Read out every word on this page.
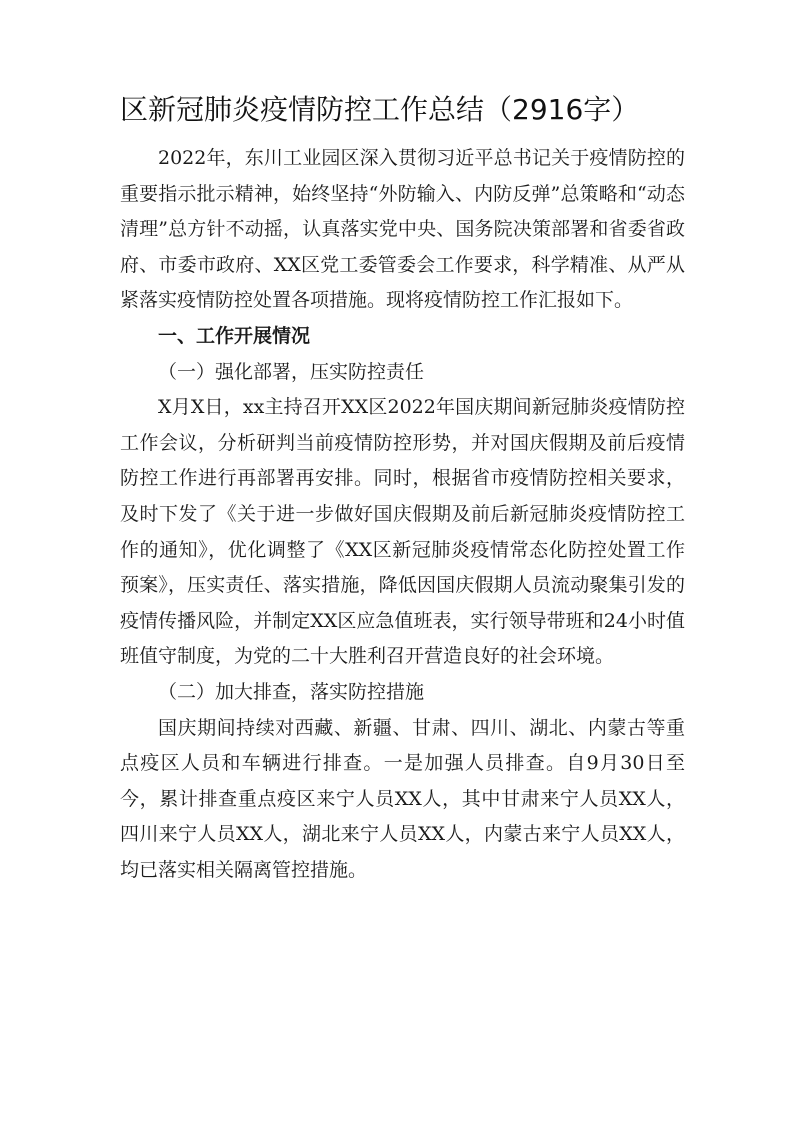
区新冠肺炎疫情防控工作总结（2916字）

2022年，东川工业园区深入贯彻习近平总书记关于疫情防控的重要指示批示精神，始终坚持“外防输入、内防反弹”总策略和“动态清理”总方针不动摇，认真落实党中央、国务院决策部署和省委省政府、市委市政府、XX区党工委管委会工作要求，科学精准、从严从紧落实疫情防控处置各项措施。现将疫情防控工作汇报如下。

一、工作开展情况

（一）强化部署，压实防控责任

X月X日，xx主持召开XX区2022年国庆期间新冠肺炎疫情防控工作会议，分析研判当前疫情防控形势，并对国庆假期及前后疫情防控工作进行再部署再安排。同时，根据省市疫情防控相关要求，及时下发了《关于进一步做好国庆假期及前后新冠肺炎疫情防控工作的通知》，优化调整了《XX区新冠肺炎疫情常态化防控处置工作预案》，压实责任、落实措施，降低因国庆假期人员流动聚集引发的疫情传播风险，并制定XX区应急值班表，实行领导带班和24小时值班值守制度，为党的二十大胜利召开营造良好的社会环境。

（二）加大排查，落实防控措施

国庆期间持续对西藏、新疆、甘肃、四川、湖北、内蒙古等重点疫区人员和车辆进行排查。一是加强人员排查。自9月30日至今，累计排查重点疫区来宁人员XX人，其中甘肃来宁人员XX人，四川来宁人员XX人，湖北来宁人员XX人，内蒙古来宁人员XX人，均已落实相关隔离管控措施。
